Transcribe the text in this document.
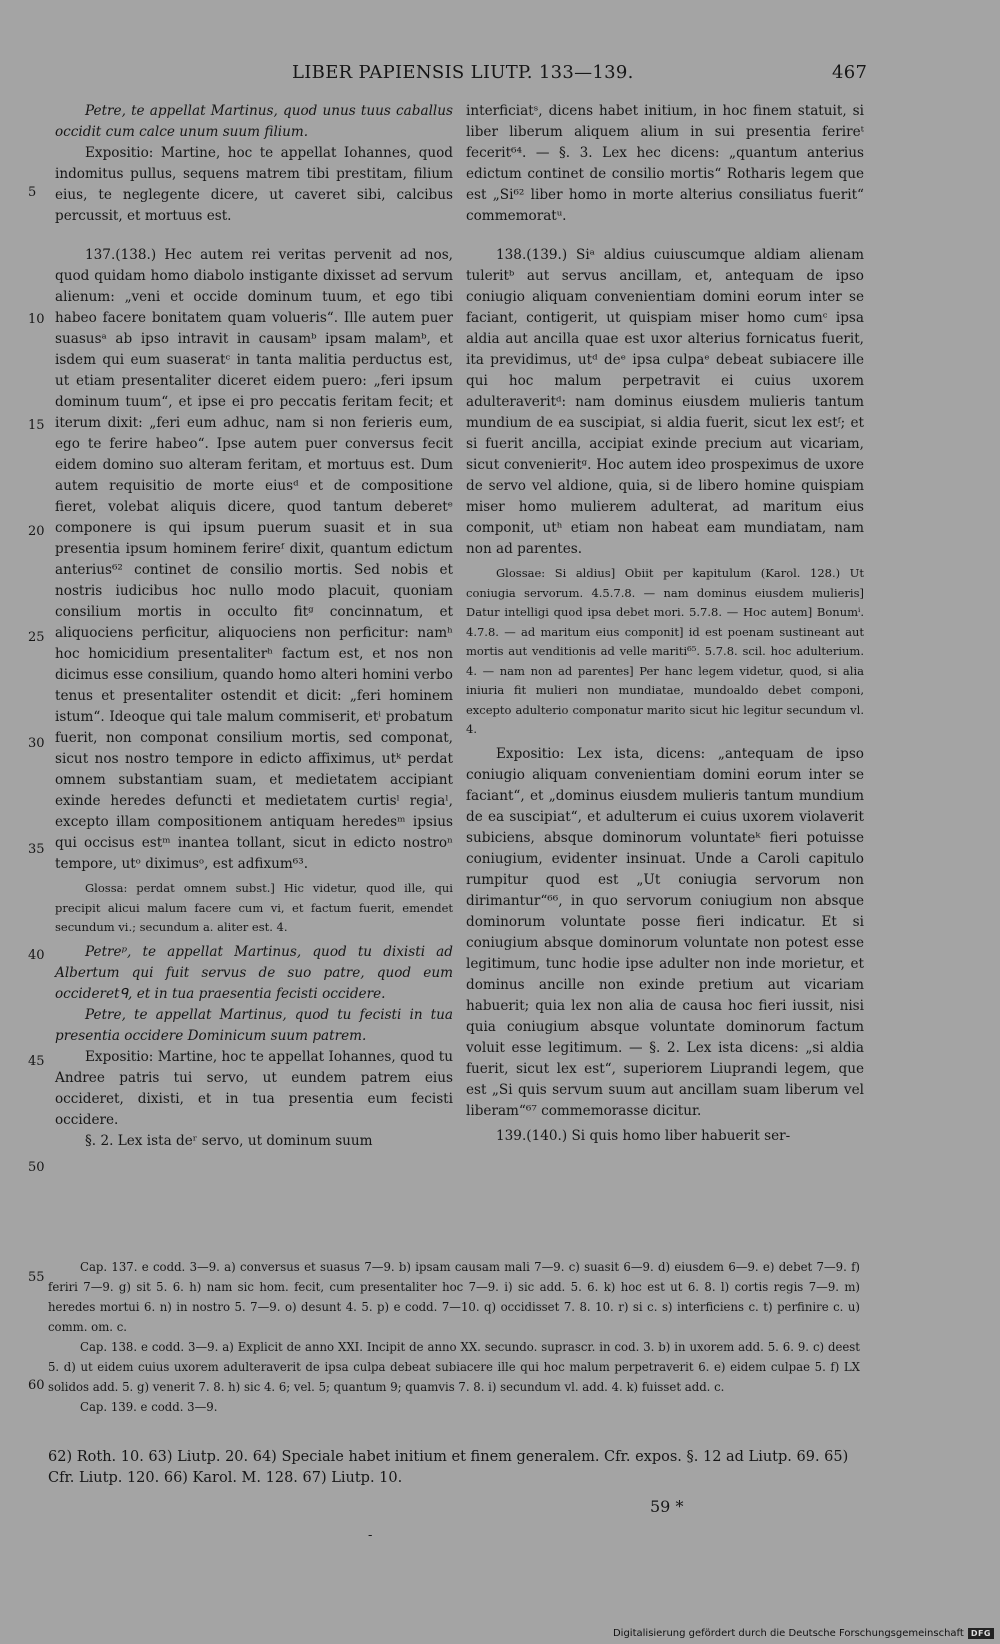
LIBER PAPIENSIS LIUTP. 133—139.	467

Petre, te appellat Martinus, quod unus tuus caballus occidit cum calce unum suum filium.

Expositio: Martine, hoc te appellat Iohannes, quod indomitus pullus, sequens matrem tibi prestitam, filium eius, te neglegente dicere, ut caveret sibi, calcibus percussit, et mortuus est.

137.(138.) Hec autem rei veritas pervenit ad nos, quod quidam homo diabolo instigante dixisset ad servum alienum: „veni et occide dominum tuum, et ego tibi habeo facere bonitatem quam volueris“. Ille autem puer suasusᵃ ab ipso intravit in causamᵇ ipsam malamᵇ, et isdem qui eum suaseratᶜ in tanta malitia perductus est, ut etiam presentaliter diceret eidem puero: „feri ipsum dominum tuum“, et ipse ei pro peccatis feritam fecit; et iterum dixit: „feri eum adhuc, nam si non ferieris eum, ego te ferire habeo“. Ipse autem puer conversus fecit eidem domino suo alteram feritam, et mortuus est. Dum autem requisitio de morte eiusᵈ et de compositione fieret, volebat aliquis dicere, quod tantum deberetᵉ componere is qui ipsum puerum suasit et in sua presentia ipsum hominem ferireᶠ dixit, quantum edictum anterius⁶² continet de consilio mortis. Sed nobis et nostris iudicibus hoc nullo modo placuit, quoniam consilium mortis in occulto fitᵍ concinnatum, et aliquociens perficitur, aliquociens non perficitur: namʰ hoc homicidium presentaliterʰ factum est, et nos non dicimus esse consilium, quando homo alteri homini verbo tenus et presentaliter ostendit et dicit: „feri hominem istum“. Ideoque qui tale malum commiserit, etⁱ probatum fuerit, non componat consilium mortis, sed componat, sicut nos nostro tempore in edicto affiximus, utᵏ perdat omnem substantiam suam, et medietatem accipiant exinde heredes defuncti et medietatem curtisˡ regiaˡ, excepto illam compositionem antiquam heredesᵐ ipsius qui occisus estᵐ inantea tollant, sicut in edicto nostroⁿ tempore, utᵒ diximusᵒ, est adfixum⁶³.

Glossa: perdat omnem subst.] Hic videtur, quod ille, qui precipit alicui malum facere cum vi, et factum fuerit, emendet secundum vi.; secundum a. aliter est. 4.

Petreᵖ, te appellat Martinus, quod tu dixisti ad Albertum qui fuit servus de suo patre, quod eum occideretᑫ, et in tua praesentia fecisti occidere.

Petre, te appellat Martinus, quod tu fecisti in tua presentia occidere Dominicum suum patrem.

Expositio: Martine, hoc te appellat Iohannes, quod tu Andree patris tui servo, ut eundem patrem eius occideret, dixisti, et in tua presentia eum fecisti occidere.

§. 2. Lex ista deʳ servo, ut dominum suum

interficiatˢ, dicens habet initium, in hoc finem statuit, si liber liberum aliquem alium in sui presentia ferireᵗ fecerit⁶⁴. — §. 3. Lex hec dicens: „quantum anterius edictum continet de consilio mortis“ Rotharis legem que est „Si⁶² liber homo in morte alterius consiliatus fuerit“ commemoratᵘ.

138.(139.) Siᵃ aldius cuiuscumque aldiam alienam tuleritᵇ aut servus ancillam, et, antequam de ipso coniugio aliquam convenientiam domini eorum inter se faciant, contigerit, ut quispiam miser homo cumᶜ ipsa aldia aut ancilla quae est uxor alterius fornicatus fuerit, ita previdimus, utᵈ deᵉ ipsa culpaᵉ debeat subiacere ille qui hoc malum perpetravit ei cuius uxorem adulteraveritᵈ: nam dominus eiusdem mulieris tantum mundium de ea suscipiat, si aldia fuerit, sicut lex estᶠ; et si fuerit ancilla, accipiat exinde precium aut vicariam, sicut convenieritᵍ. Hoc autem ideo prospeximus de uxore de servo vel aldione, quia, si de libero homine quispiam miser homo mulierem adulterat, ad maritum eius componit, utʰ etiam non habeat eam mundiatam, nam non ad parentes.

Glossae: Si aldius] Obiit per kapitulum (Karol. 128.) Ut coniugia servorum. 4.5.7.8. — nam dominus eiusdem mulieris] Datur intelligi quod ipsa debet mori. 5.7.8. — Hoc autem] Bonumⁱ. 4.7.8. — ad maritum eius componit] id est poenam sustineant aut mortis aut venditionis ad velle mariti⁶⁵. 5.7.8. scil. hoc adulterium. 4. — nam non ad parentes] Per hanc legem videtur, quod, si alia iniuria fit mulieri non mundiatae, mundoaldo debet componi, excepto adulterio componatur marito sicut hic legitur secundum vl. 4.

Expositio: Lex ista, dicens: „antequam de ipso coniugio aliquam convenientiam domini eorum inter se faciant“, et „dominus eiusdem mulieris tantum mundium de ea suscipiat“, et adulterum ei cuius uxorem violaverit subiciens, absque dominorum voluntateᵏ fieri potuisse coniugium, evidenter insinuat. Unde a Caroli capitulo rumpitur quod est „Ut coniugia servorum non dirimantur“⁶⁶, in quo servorum coniugium non absque dominorum voluntate posse fieri indicatur. Et si coniugium absque dominorum voluntate non potest esse legitimum, tunc hodie ipse adulter non inde morietur, et dominus ancille non exinde pretium aut vicariam habuerit; quia lex non alia de causa hoc fieri iussit, nisi quia coniugium absque voluntate dominorum factum voluit esse legitimum. — §. 2. Lex ista dicens: „si aldia fuerit, sicut lex est“, superiorem Liuprandi legem, que est „Si quis servum suum aut ancillam suam liberum vel liberam“⁶⁷ commemorasse dicitur.

139.(140.) Si quis homo liber habuerit ser-

5
10
15
20
25
30
35
40
45
50
55
60

Cap. 137. e codd. 3—9. a) conversus et suasus 7—9. b) ipsam causam mali 7—9. c) suasit 6—9. d) eiusdem 6—9. e) debet 7—9. f) feriri 7—9. g) sit 5. 6. h) nam sic hom. fecit, cum presentaliter hoc 7—9. i) sic add. 5. 6. k) hoc est ut 6. 8. l) cortis regis 7—9. m) heredes mortui 6. n) in nostro 5. 7—9. o) desunt 4. 5. p) e codd. 7—10. q) occidisset 7. 8. 10. r) si c. s) interficiens c. t) perfinire c. u) comm. om. c.

Cap. 138. e codd. 3—9. a) Explicit de anno XXI. Incipit de anno XX. secundo. suprascr. in cod. 3. b) in uxorem add. 5. 6. 9. c) deest 5. d) ut eidem cuius uxorem adulteraverit de ipsa culpa debeat subiacere ille qui hoc malum perpetraverit 6. e) eidem culpae 5. f) LX solidos add. 5. g) venerit 7. 8. h) sic 4. 6; vel. 5; quantum 9; quamvis 7. 8. i) secundum vl. add. 4. k) fuisset add. c.

Cap. 139. e codd. 3—9.

62) Roth. 10. 63) Liutp. 20. 64) Speciale habet initium et finem generalem. Cfr. expos. §. 12 ad Liutp. 69. 65) Cfr. Liutp. 120. 66) Karol. M. 128. 67) Liutp. 10.

59 *
-
Digitalisierung gefördert durch die Deutsche Forschungsgemeinschaft DFG
